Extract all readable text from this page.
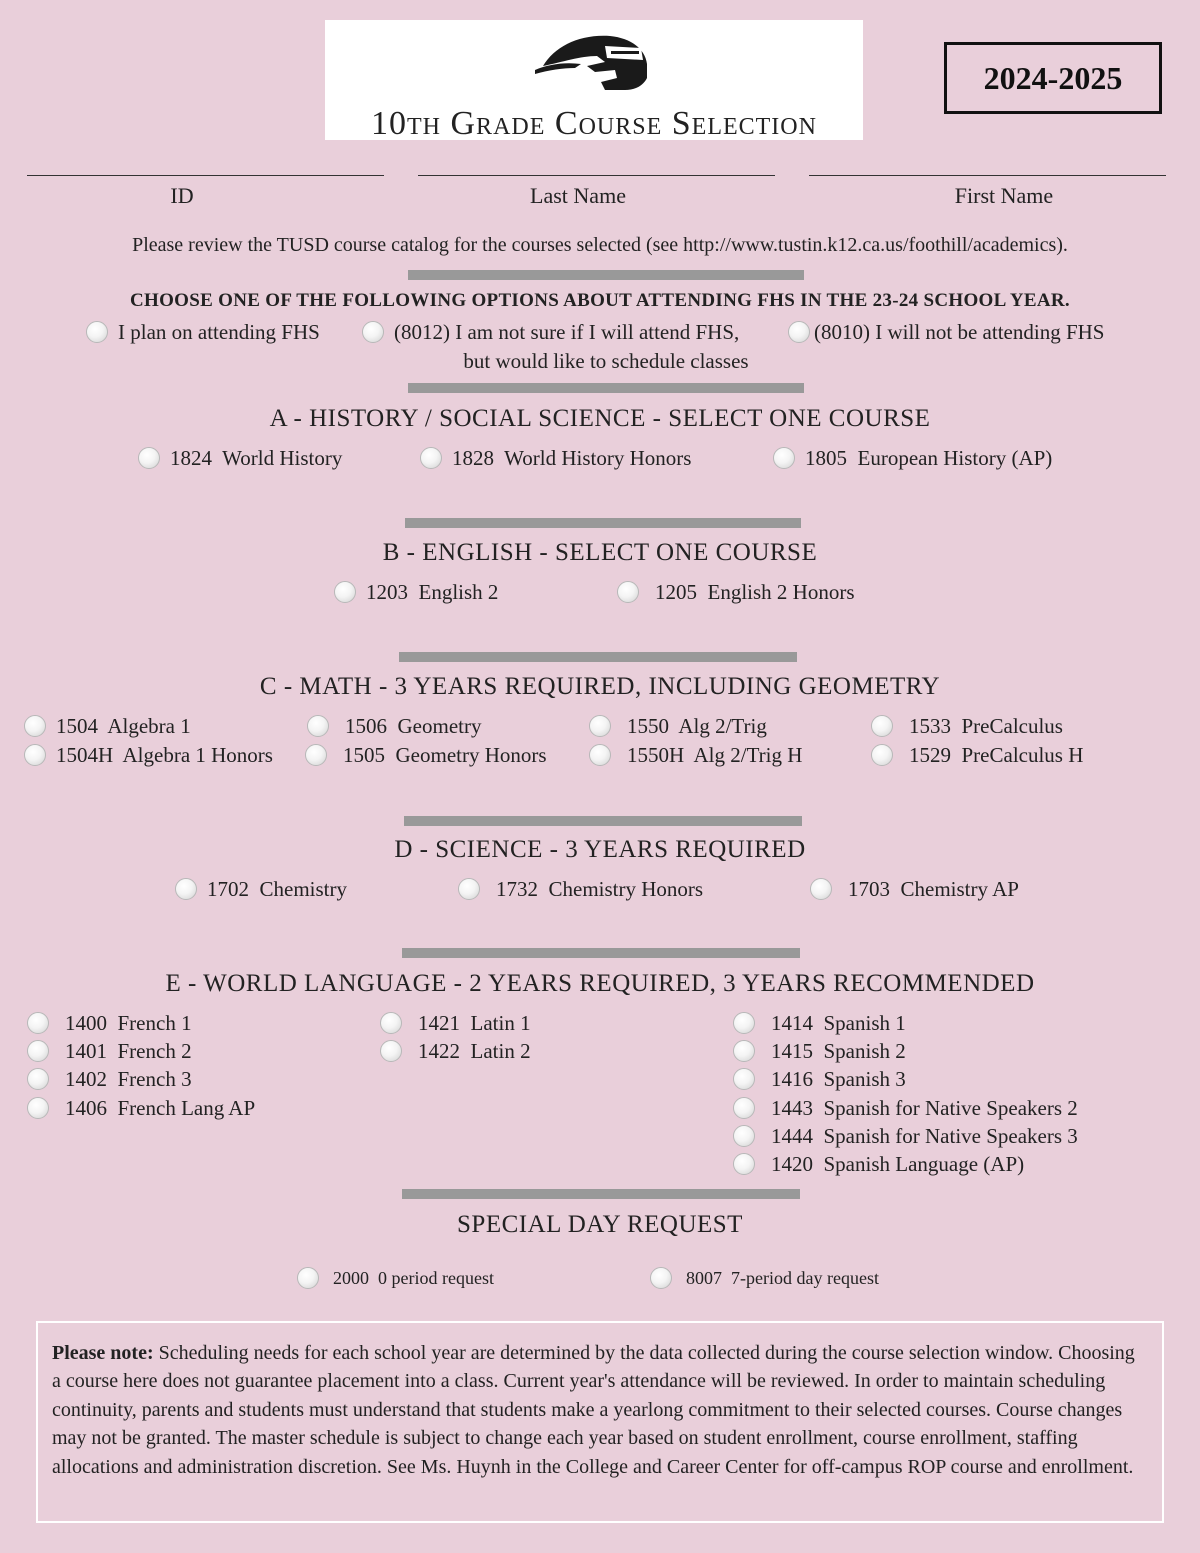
10th Grade Course Selection
2024-2025
ID	Last Name	First Name
Please review the TUSD course catalog for the courses selected (see http://www.tustin.k12.ca.us/foothill/academics).
CHOOSE ONE OF THE FOLLOWING OPTIONS ABOUT ATTENDING FHS IN THE 23-24 SCHOOL YEAR.
I plan on attending FHS	(8012) I am not sure if I will attend FHS,
but would like to schedule classes
(8010) I will not be attending FHS
A - HISTORY / SOCIAL SCIENCE - SELECT ONE COURSE
1824  World History	1828  World History Honors	1805  European History (AP)
B - ENGLISH - SELECT ONE COURSE
1203  English 2	1205  English 2 Honors
C - MATH - 3 YEARS REQUIRED, INCLUDING GEOMETRY
1504  Algebra 1	1506  Geometry	1550  Alg 2/Trig	1533  PreCalculus
1504H  Algebra 1 Honors	1505  Geometry Honors	1550H  Alg 2/Trig H	1529  PreCalculus H
D - SCIENCE - 3 YEARS REQUIRED
1702  Chemistry	1732  Chemistry Honors	1703  Chemistry AP
E - WORLD LANGUAGE - 2 YEARS REQUIRED, 3 YEARS RECOMMENDED
1400  French 1
1401  French 2
1402  French 3
1406  French Lang AP
1421  Latin 1
1422  Latin 2
1414  Spanish 1
1415  Spanish 2
1416  Spanish 3
1443  Spanish for Native Speakers 2
1444  Spanish for Native Speakers 3
1420  Spanish Language (AP)
SPECIAL DAY REQUEST
2000  0 period request	8007  7-period day request
Please note: Scheduling needs for each school year are determined by the data collected during the course selection window. Choosing a course here does not guarantee placement into a class. Current year's attendance will be reviewed. In order to maintain scheduling continuity, parents and students must understand that students make a yearlong commitment to their selected courses. Course changes may not be granted. The master schedule is subject to change each year based on student enrollment, course enrollment, staffing allocations and administration discretion. See Ms. Huynh in the College and Career Center for off-campus ROP course and enrollment.
